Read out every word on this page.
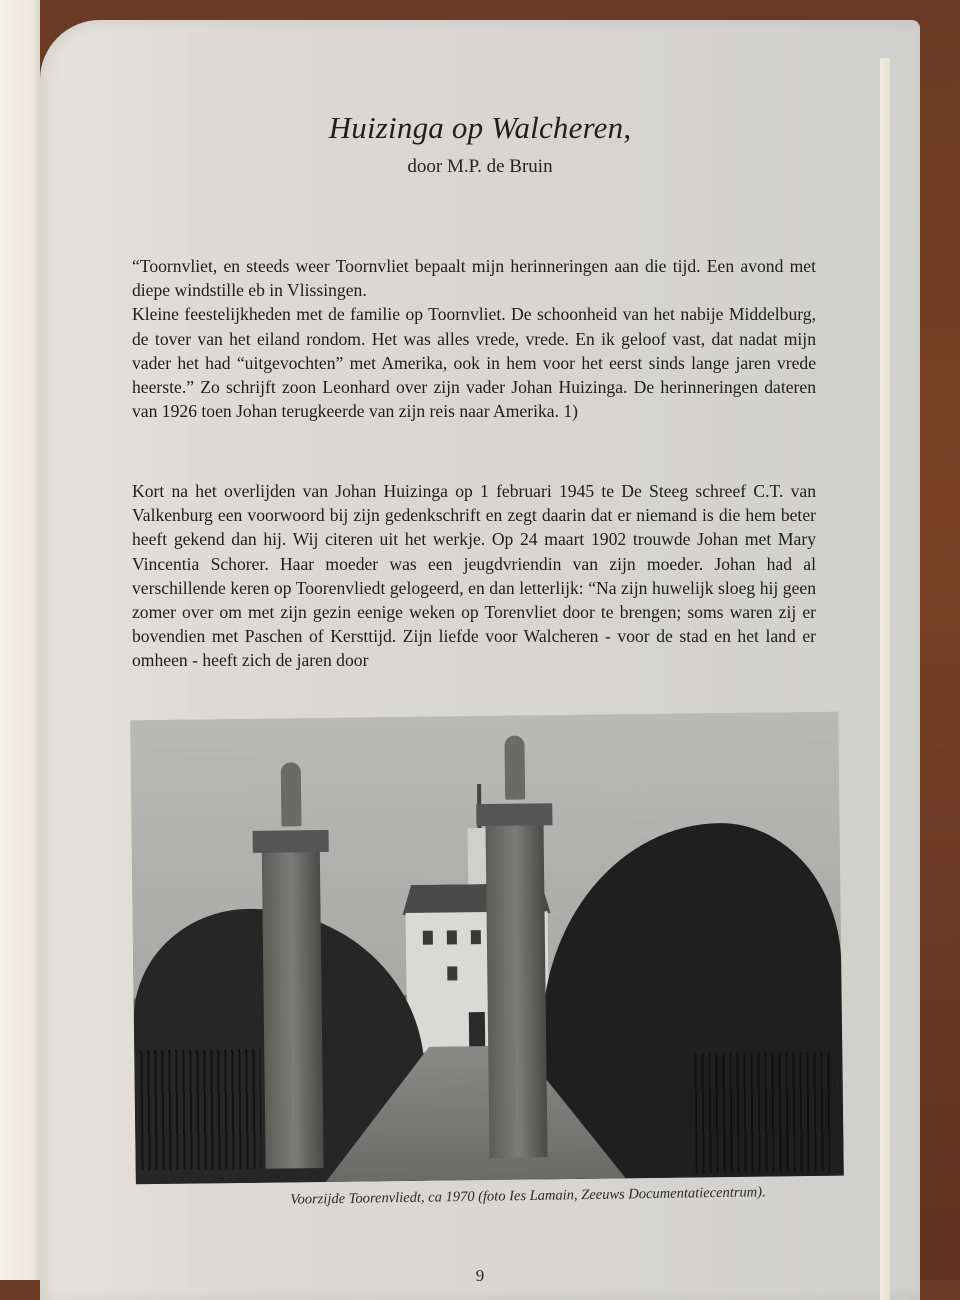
Huizinga op Walcheren,
door M.P. de Bruin

“Toornvliet, en steeds weer Toornvliet bepaalt mijn herinneringen aan die tijd. Een avond met diepe windstille eb in Vlissingen.

Kleine feestelijkheden met de familie op Toornvliet. De schoonheid van het nabije Middelburg, de tover van het eiland rondom. Het was alles vrede, vrede. En ik geloof vast, dat nadat mijn vader het had “uitgevochten” met Amerika, ook in hem voor het eerst sinds lange jaren vrede heerste.” Zo schrijft zoon Leonhard over zijn vader Johan Huizinga. De herinneringen dateren van 1926 toen Johan terugkeerde van zijn reis naar Amerika. 1)

Kort na het overlijden van Johan Huizinga op 1 februari 1945 te De Steeg schreef C.T. van Valkenburg een voorwoord bij zijn gedenkschrift en zegt daarin dat er niemand is die hem beter heeft gekend dan hij. Wij citeren uit het werkje. Op 24 maart 1902 trouwde Johan met Mary Vincentia Schorer. Haar moeder was een jeugdvriendin van zijn moeder. Johan had al verschillende keren op Toorenvliedt gelogeerd, en dan letterlijk: “Na zijn huwelijk sloeg hij geen zomer over om met zijn gezin eenige weken op Torenvliet door te brengen; soms waren zij er bovendien met Paschen of Kersttijd. Zijn liefde voor Walcheren - voor de stad en het land er omheen - heeft zich de jaren door

Voorzijde Toorenvliedt, ca 1970 (foto Ies Lamain, Zeeuws Documentatiecentrum).
9
